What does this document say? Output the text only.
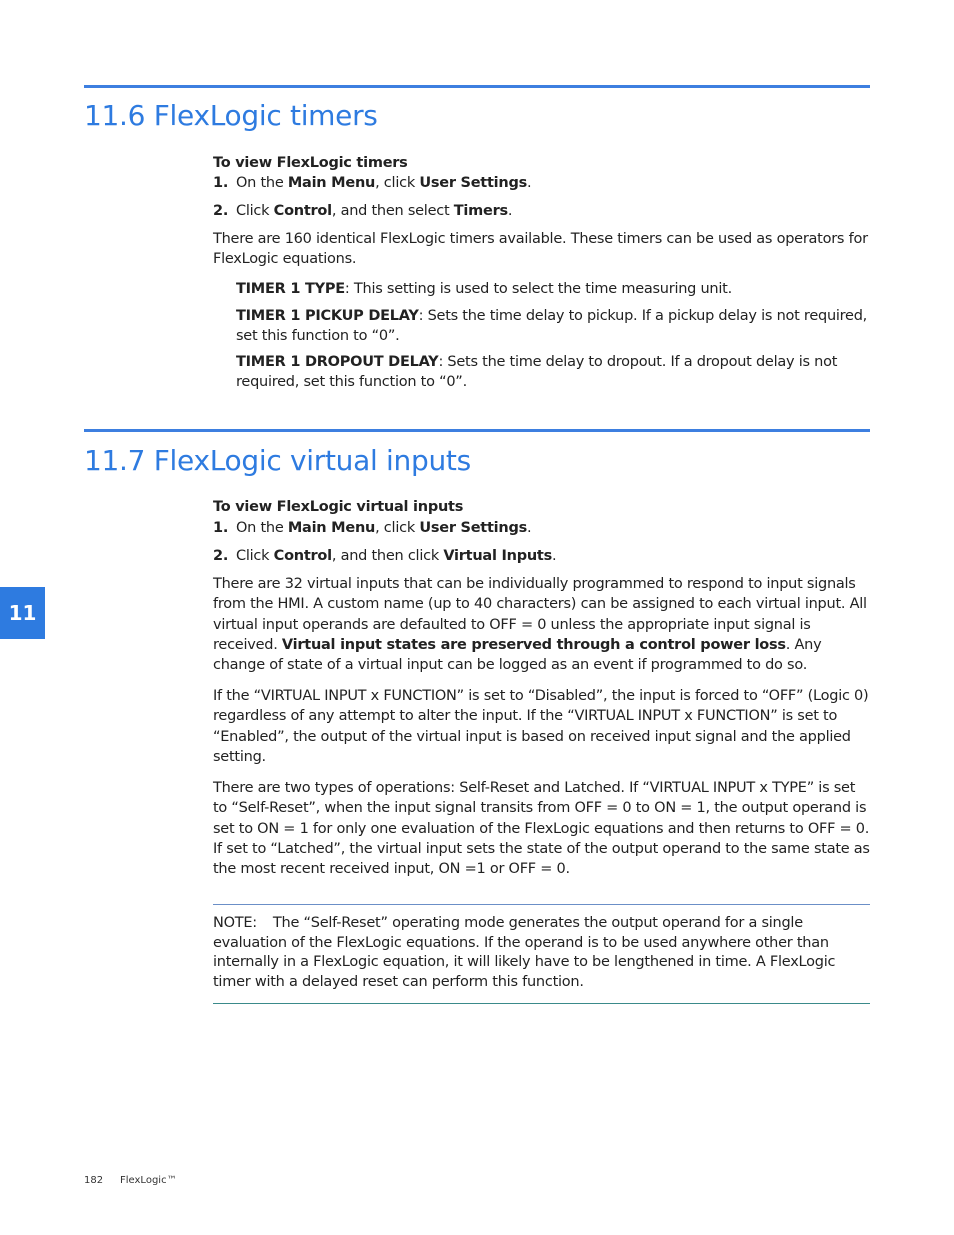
11.6 FlexLogic timers
To view FlexLogic timers
1. On the Main Menu, click User Settings.
2. Click Control, and then select Timers.

There are 160 identical FlexLogic timers available. These timers can be used as operators for FlexLogic equations.

TIMER 1 TYPE: This setting is used to select the time measuring unit.

TIMER 1 PICKUP DELAY: Sets the time delay to pickup. If a pickup delay is not required, set this function to “0”.

TIMER 1 DROPOUT DELAY: Sets the time delay to dropout. If a dropout delay is not required, set this function to “0”.

11.7 FlexLogic virtual inputs
To view FlexLogic virtual inputs
1. On the Main Menu, click User Settings.
2. Click Control, and then click Virtual Inputs.

There are 32 virtual inputs that can be individually programmed to respond to input signals from the HMI. A custom name (up to 40 characters) can be assigned to each virtual input. All virtual input operands are defaulted to OFF = 0 unless the appropriate input signal is received. Virtual input states are preserved through a control power loss. Any change of state of a virtual input can be logged as an event if programmed to do so.

If the “VIRTUAL INPUT x FUNCTION” is set to “Disabled”, the input is forced to “OFF” (Logic 0) regardless of any attempt to alter the input. If the “VIRTUAL INPUT x FUNCTION” is set to “Enabled”, the output of the virtual input is based on received input signal and the applied setting.

There are two types of operations: Self-Reset and Latched. If “VIRTUAL INPUT x TYPE” is set to “Self-Reset”, when the input signal transits from OFF = 0 to ON = 1, the output operand is set to ON = 1 for only one evaluation of the FlexLogic equations and then returns to OFF = 0. If set to “Latched”, the virtual input sets the state of the output operand to the same state as the most recent received input, ON =1 or OFF = 0.

NOTE: The “Self-Reset” operating mode generates the output operand for a single evaluation of the FlexLogic equations. If the operand is to be used anywhere other than internally in a FlexLogic equation, it will likely have to be lengthened in time. A FlexLogic timer with a delayed reset can perform this function.

11
182 FlexLogic™
